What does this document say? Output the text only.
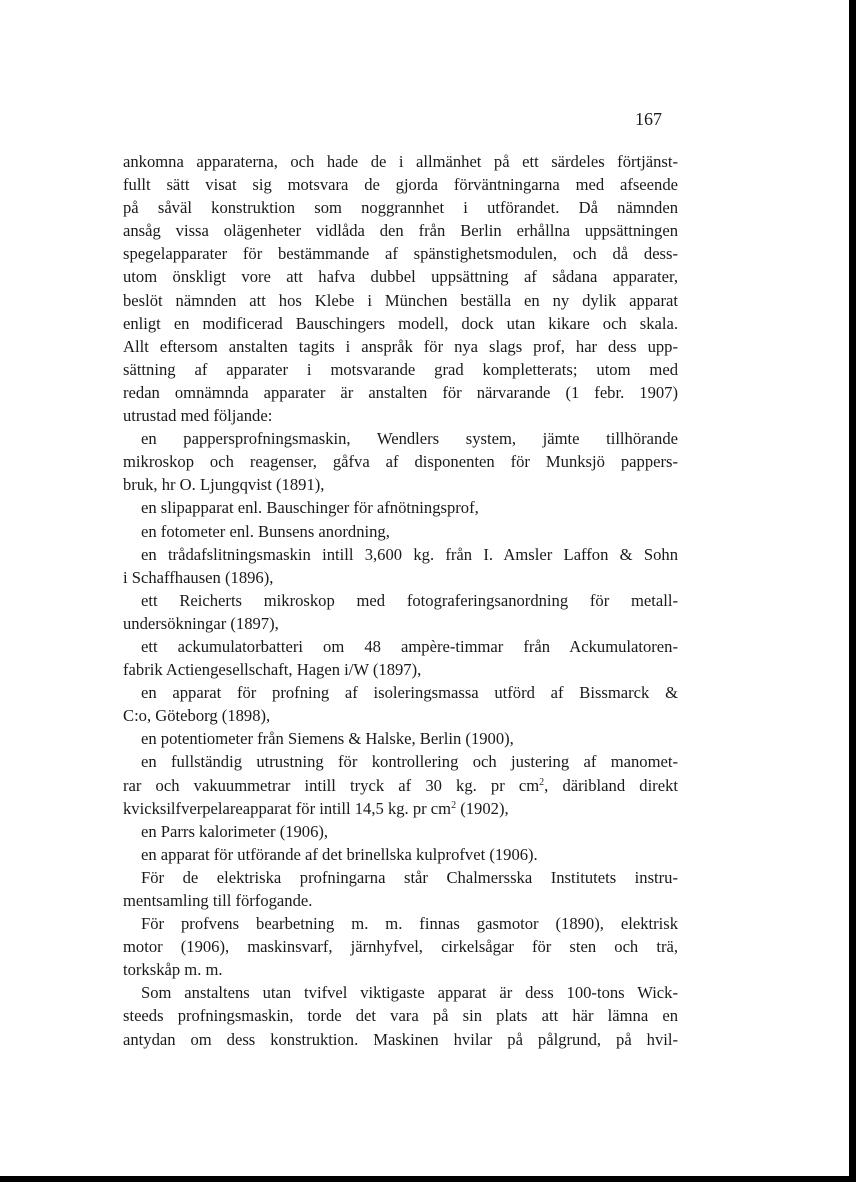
167
ankomna apparaterna, och hade de i allmänhet på ett särdeles förtjänst-
fullt sätt visat sig motsvara de gjorda förväntningarna med afseende
på såväl konstruktion som noggrannhet i utförandet. Då nämnden
ansåg vissa olägenheter vidlåda den från Berlin erhållna uppsättningen
spegelapparater för bestämmande af spänstighetsmodulen, och då dess-
utom önskligt vore att hafva dubbel uppsättning af sådana apparater,
beslöt nämnden att hos Klebe i München beställa en ny dylik apparat
enligt en modificerad Bauschingers modell, dock utan kikare och skala.
Allt eftersom anstalten tagits i anspråk för nya slags prof, har dess upp-
sättning af apparater i motsvarande grad kompletterats; utom med
redan omnämnda apparater är anstalten för närvarande (1 febr. 1907)
utrustad med följande:
en pappersprofningsmaskin, Wendlers system, jämte tillhörande
mikroskop och reagenser, gåfva af disponenten för Munksjö pappers-
bruk, hr O. Ljungqvist (1891),
en slipapparat enl. Bauschinger för afnötningsprof,
en fotometer enl. Bunsens anordning,
en trådafslitningsmaskin intill 3,600 kg. från I. Amsler Laffon & Sohn
i Schaffhausen (1896),
ett Reicherts mikroskop med fotograferingsanordning för metall-
undersökningar (1897),
ett ackumulatorbatteri om 48 ampère-timmar från Ackumulatoren-
fabrik Actiengesellschaft, Hagen i/W (1897),
en apparat för profning af isoleringsmassa utförd af Bissmarck &
C:o, Göteborg (1898),
en potentiometer från Siemens & Halske, Berlin (1900),
en fullständig utrustning för kontrollering och justering af manomet-
rar och vakuummetrar intill tryck af 30 kg. pr $cm^2$, däribland direkt
kvicksilfverpelareapparat för intill 14,5 kg. pr $cm^2$ (1902),
en Parrs kalorimeter (1906),
en apparat för utförande af det brinellska kulprofvet (1906).
För de elektriska profningarna står Chalmersska Institutets instru-
mentsamling till förfogande.
För profvens bearbetning m. m. finnas gasmotor (1890), elektrisk
motor (1906), maskinsvarf, järnhyfvel, cirkelsågar för sten och trä,
torkskåp m. m.
Som anstaltens utan tvifvel viktigaste apparat är dess 100-tons Wick-
steeds profningsmaskin, torde det vara på sin plats att här lämna en
antydan om dess konstruktion. Maskinen hvilar på pålgrund, på hvil-
